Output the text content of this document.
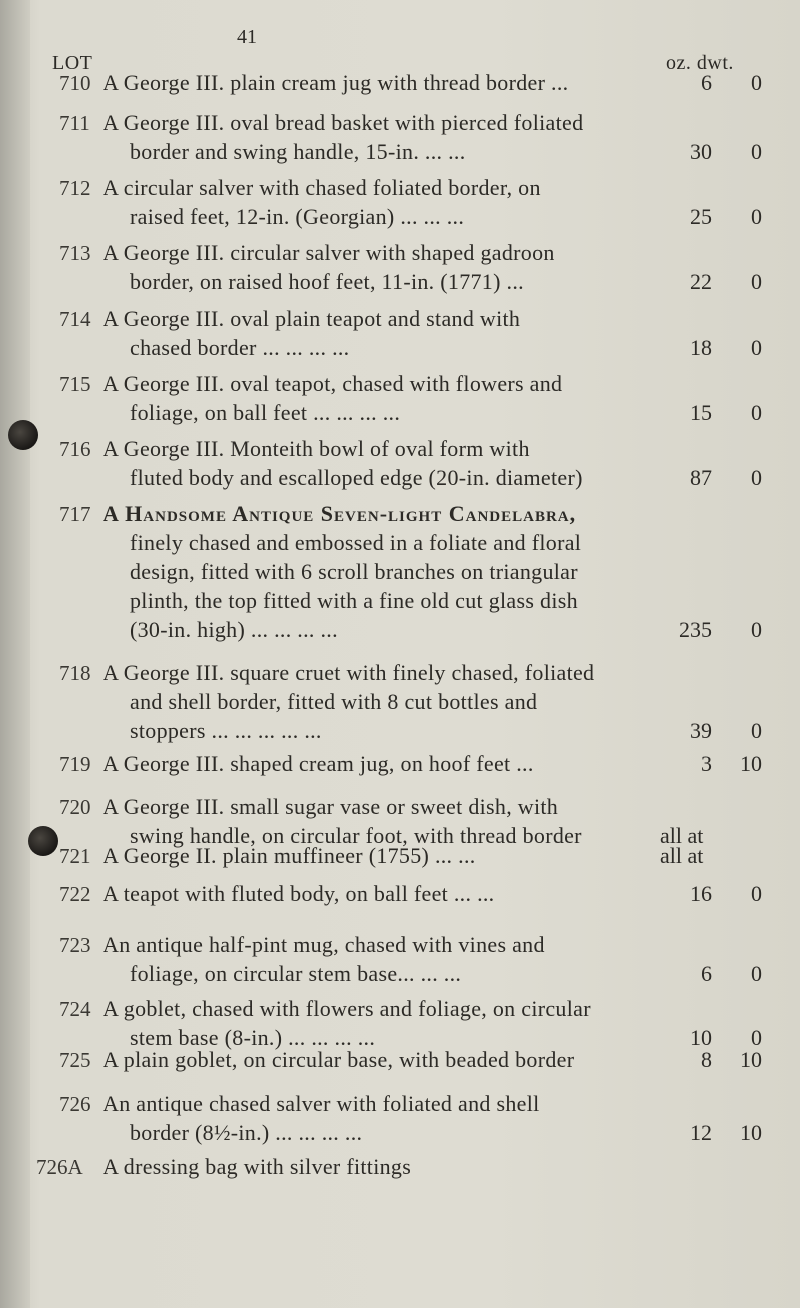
41
LOT	oz. dwt.
710 A George III. plain cream jug with thread border ...	6	0
711 A George III. oval bread basket with pierced foliated
border and swing handle, 15-in. ... ...	30	0
712 A circular salver with chased foliated border, on
raised feet, 12-in. (Georgian) ... ... ...	25	0
713 A George III. circular salver with shaped gadroon
border, on raised hoof feet, 11-in. (1771) ...	22	0
714 A George III. oval plain teapot and stand with
chased border ... ... ... ...	18	0
715 A George III. oval teapot, chased with flowers and
foliage, on ball feet ... ... ... ...	15	0
716 A George III. Monteith bowl of oval form with
fluted body and escalloped edge (20-in. diameter)	87	0
717 A Handsome Antique Seven-light Candelabra,
finely chased and embossed in a foliate and floral
design, fitted with 6 scroll branches on triangular
plinth, the top fitted with a fine old cut glass dish
(30-in. high) ... ... ... ...	235	0
718 A George III. square cruet with finely chased, foliated
and shell border, fitted with 8 cut bottles and
stoppers ... ... ... ... ...	39	0
719 A George III. shaped cream jug, on hoof feet ...	3	10
720 A George III. small sugar vase or sweet dish, with
swing handle, on circular foot, with thread border	all at
721 A George II. plain muffineer (1755) ... ...	all at
722 A teapot with fluted body, on ball feet ... ...	16	0
723 An antique half-pint mug, chased with vines and
foliage, on circular stem base... ... ...	6	0
724 A goblet, chased with flowers and foliage, on circular
stem base (8-in.) ... ... ... ...	10	0
725 A plain goblet, on circular base, with beaded border	8	10
726 An antique chased salver with foliated and shell
border (8½-in.) ... ... ... ...	12	10
726A A dressing bag with silver fittings
